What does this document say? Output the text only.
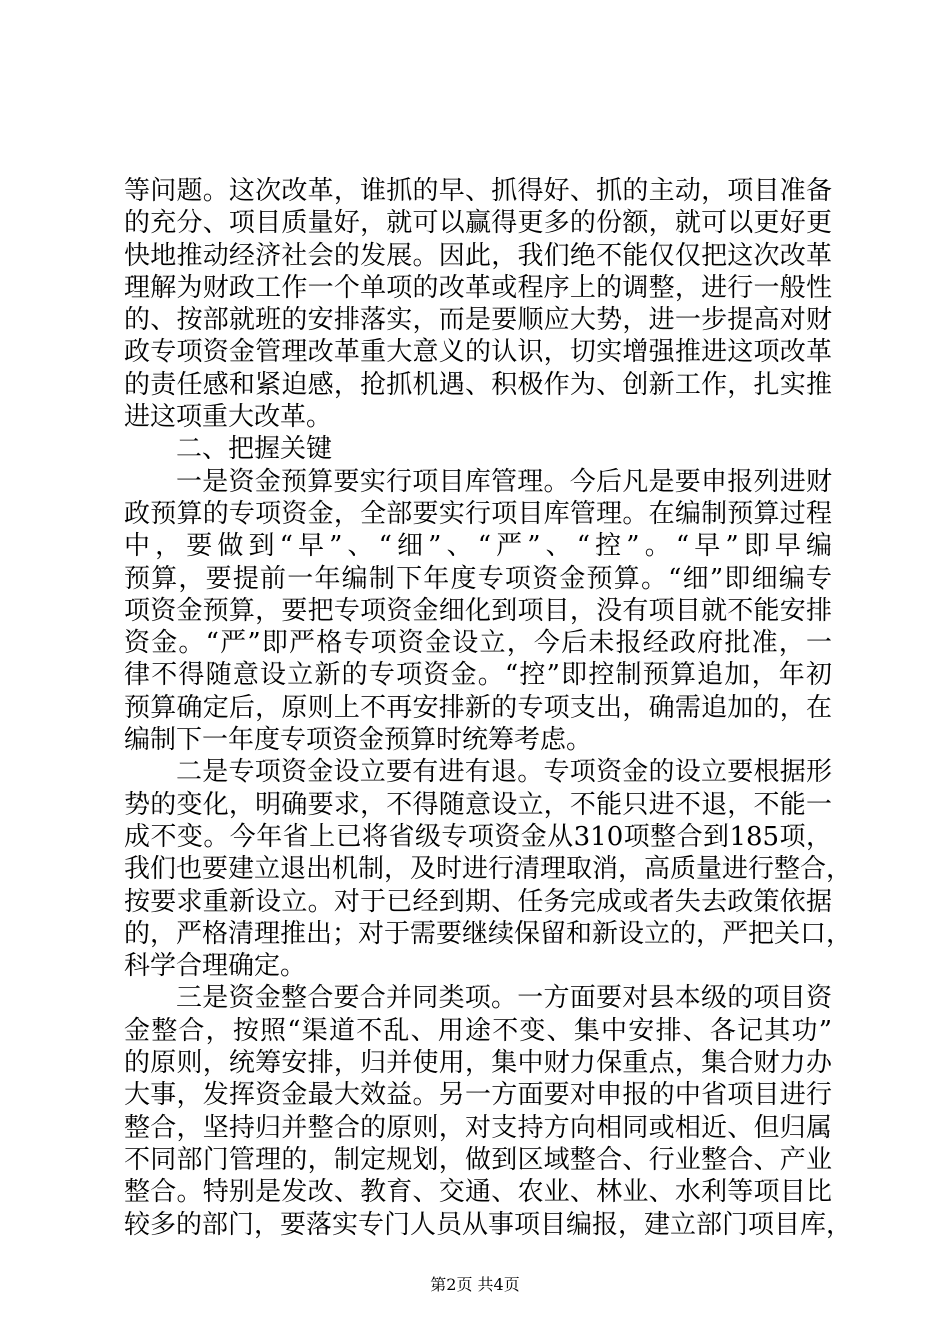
等问题。这次改革，谁抓的早、抓得好、抓的主动，项目准备
的充分、项目质量好，就可以赢得更多的份额，就可以更好更
快地推动经济社会的发展。因此，我们绝不能仅仅把这次改革
理解为财政工作一个单项的改革或程序上的调整，进行一般性
的、按部就班的安排落实，而是要顺应大势，进一步提高对财
政专项资金管理改革重大意义的认识，切实增强推进这项改革
的责任感和紧迫感，抢抓机遇、积极作为、创新工作，扎实推
进这项重大改革。
二、把握关键
一是资金预算要实行项目库管理。今后凡是要申报列进财
政预算的专项资金，全部要实行项目库管理。在编制预算过程
中，要做到“早”、“细”、“严”、“控”。“早”即早编
预算，要提前一年编制下年度专项资金预算。“细”即细编专
项资金预算，要把专项资金细化到项目，没有项目就不能安排
资金。“严”即严格专项资金设立，今后未报经政府批准，一
律不得随意设立新的专项资金。“控”即控制预算追加，年初
预算确定后，原则上不再安排新的专项支出，确需追加的，在
编制下一年度专项资金预算时统筹考虑。
二是专项资金设立要有进有退。专项资金的设立要根据形
势的变化，明确要求，不得随意设立，不能只进不退，不能一
成不变。今年省上已将省级专项资金从310项整合到185项，
我们也要建立退出机制，及时进行清理取消，高质量进行整合，
按要求重新设立。对于已经到期、任务完成或者失去政策依据
的，严格清理推出；对于需要继续保留和新设立的，严把关口，
科学合理确定。
三是资金整合要合并同类项。一方面要对县本级的项目资
金整合，按照“渠道不乱、用途不变、集中安排、各记其功”
的原则，统筹安排，归并使用，集中财力保重点，集合财力办
大事，发挥资金最大效益。另一方面要对申报的中省项目进行
整合，坚持归并整合的原则，对支持方向相同或相近、但归属
不同部门管理的，制定规划，做到区域整合、行业整合、产业
整合。特别是发改、教育、交通、农业、林业、水利等项目比
较多的部门，要落实专门人员从事项目编报，建立部门项目库，
第2页 共4页
